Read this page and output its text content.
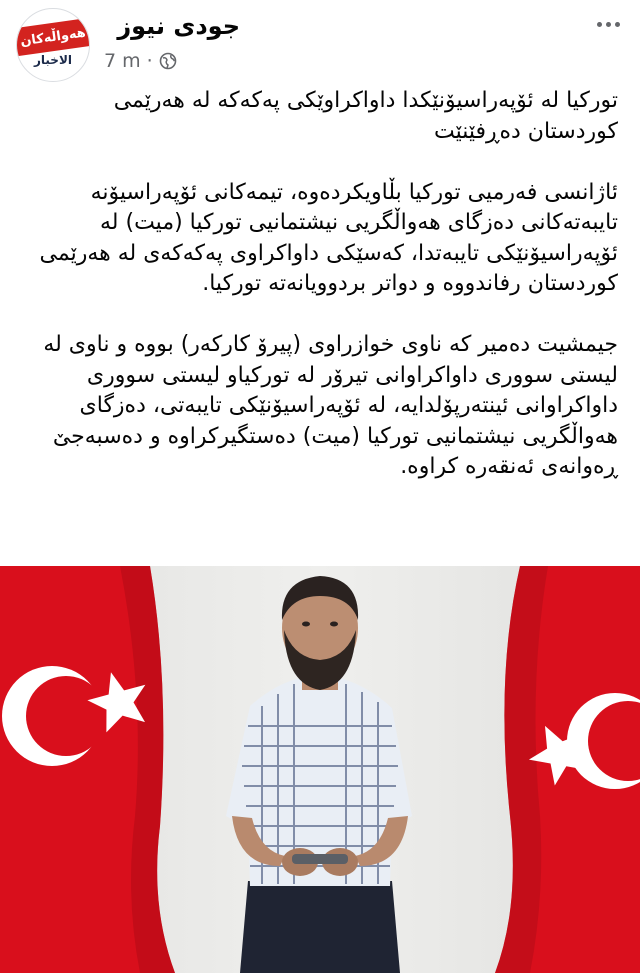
هەواڵەکان
الاخبار
جودی نیوز
7 m ·

تورکیا لە ئۆپەراسیۆنێکدا داواکراوێکی پەکەکە لە هەرێمی کوردستان دەڕفێنێت

ئاژانسی فەرمیی تورکیا بڵاویکردەوە، تیمەکانی ئۆپەراسیۆنە تایبەتەکانی دەزگای هەواڵگریی نیشتمانیی تورکیا (میت) لە ئۆپەراسیۆنێکی تایبەتدا، کەسێکی داواکراوی پەکەکەی لە هەرێمی کوردستان رفاندووە و دواتر بردوویانەتە تورکیا.

جیمشیت دەمیر کە ناوی خوازراوی (پیرۆ کارکەر) بووە و ناوی لە لیستی سووری داواکراوانی تیرۆر لە تورکیاو لیستی سووری داواکراوانی ئینتەرپۆلدایە، لە ئۆپەراسیۆنێکی تایبەتی، دەزگای هەواڵگریی نیشتمانیی تورکیا (میت) دەستگیرکراوە و دەسبەجێ ڕەوانەی ئەنقەرە کراوە.
